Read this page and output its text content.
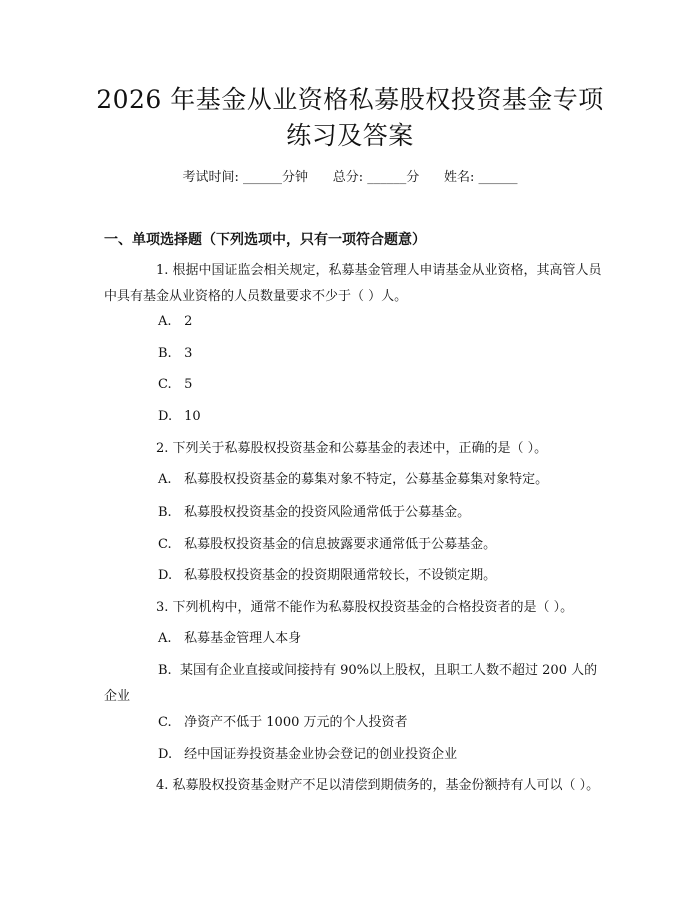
2026 年基金从业资格私募股权投资基金专项
练习及答案
考试时间: ______分钟      总分: ______分      姓名: ______
一、单项选择题（下列选项中，只有一项符合题意）
1. 根据中国证监会相关规定，私募基金管理人申请基金从业资格，其高管人员中具有基金从业资格的人员数量要求不少于（ ）人。
A. 2
B. 3
C. 5
D. 10
2. 下列关于私募股权投资基金和公募基金的表述中，正确的是（ ）。
A. 私募股权投资基金的募集对象不特定，公募基金募集对象特定。
B. 私募股权投资基金的投资风险通常低于公募基金。
C. 私募股权投资基金的信息披露要求通常低于公募基金。
D. 私募股权投资基金的投资期限通常较长，不设锁定期。
3. 下列机构中，通常不能作为私募股权投资基金的合格投资者的是（ ）。
A. 私募基金管理人本身
B. 某国有企业直接或间接持有 90%以上股权，且职工人数不超过 200 人的企业
C. 净资产不低于 1000 万元的个人投资者
D. 经中国证券投资基金业协会登记的创业投资企业
4. 私募股权投资基金财产不足以清偿到期债务的，基金份额持有人可以（ ）。
